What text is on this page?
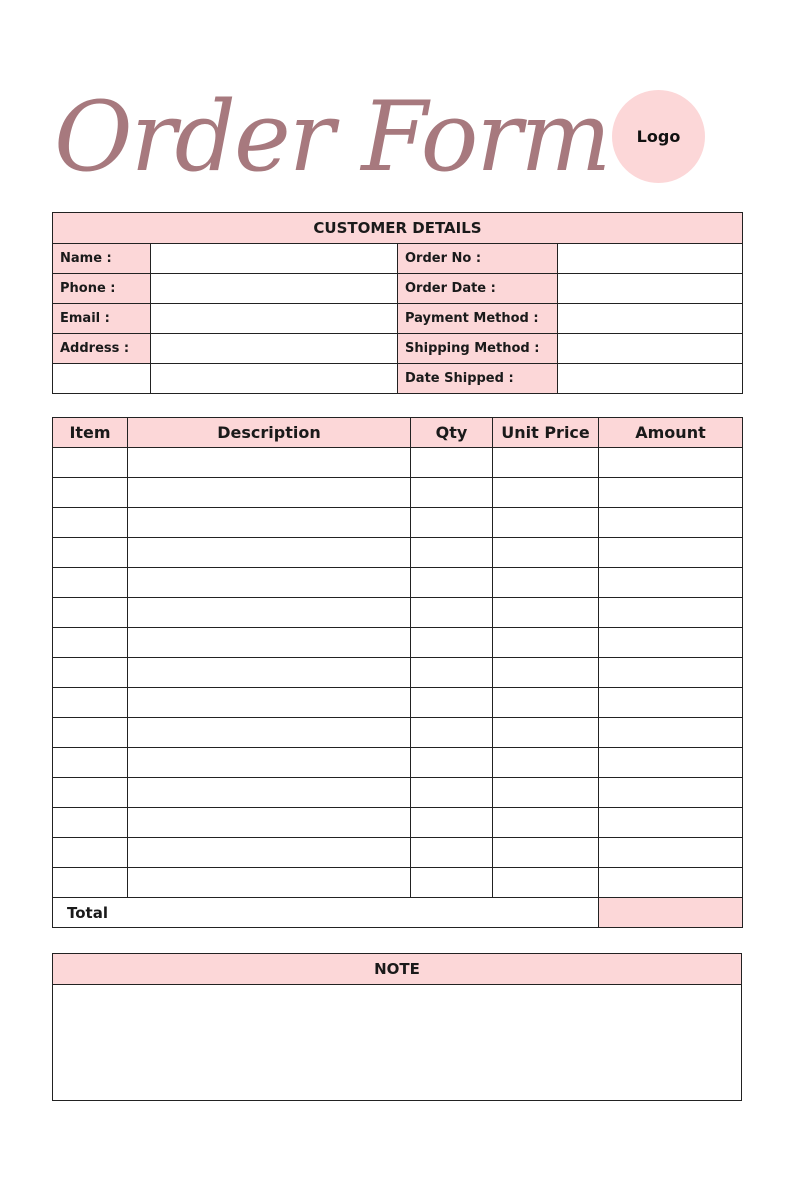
Order Form Logo
CUSTOMER DETAILS			
Name :		Order No :	
Phone :		Order Date :	
Email :		Payment Method :	
Address :		Shipping Method :	
		Date Shipped :	
Item	Description	Qty	Unit Price	Amount

Total				
NOTE
